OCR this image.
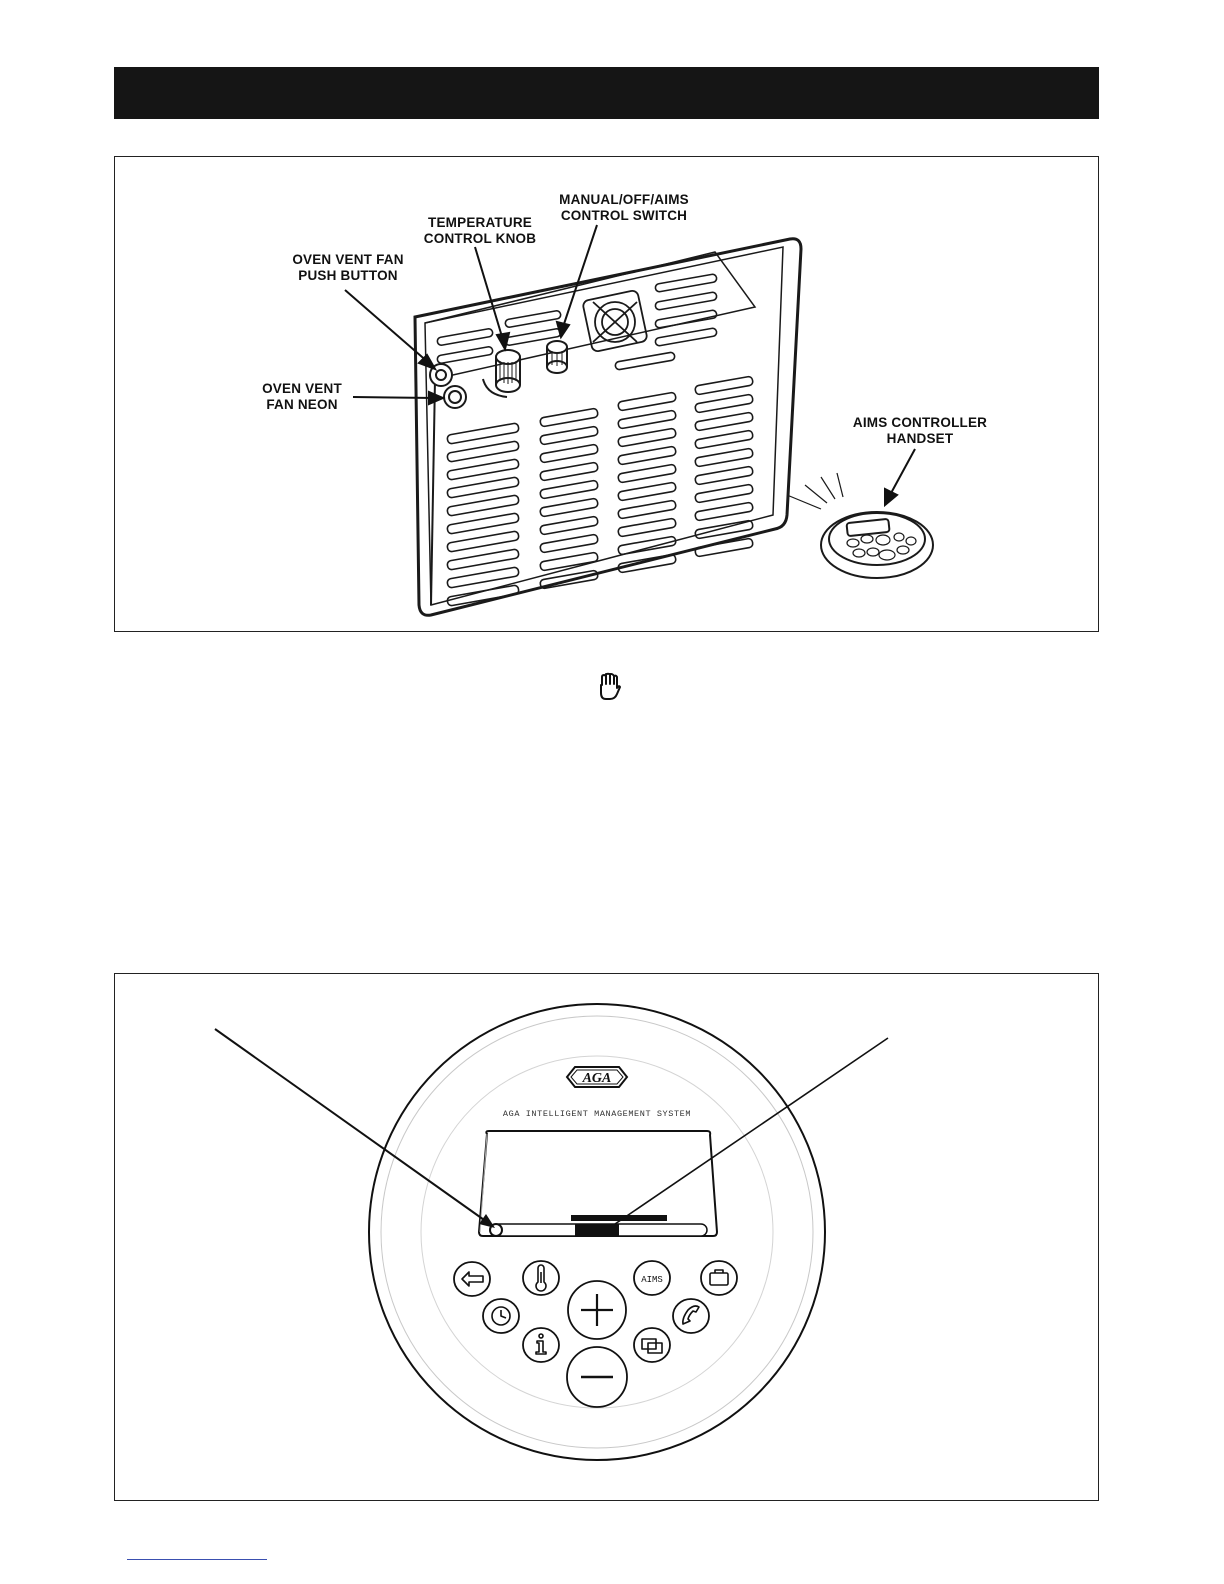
OVEN VENT FAN
PUSH BUTTON
TEMPERATURE
CONTROL KNOB
MANUAL/OFF/AIMS
CONTROL SWITCH
OVEN VENT
FAN NEON
AIMS CONTROLLER
HANDSET
AGA
AGA INTELLIGENT MANAGEMENT SYSTEM
AIMS
